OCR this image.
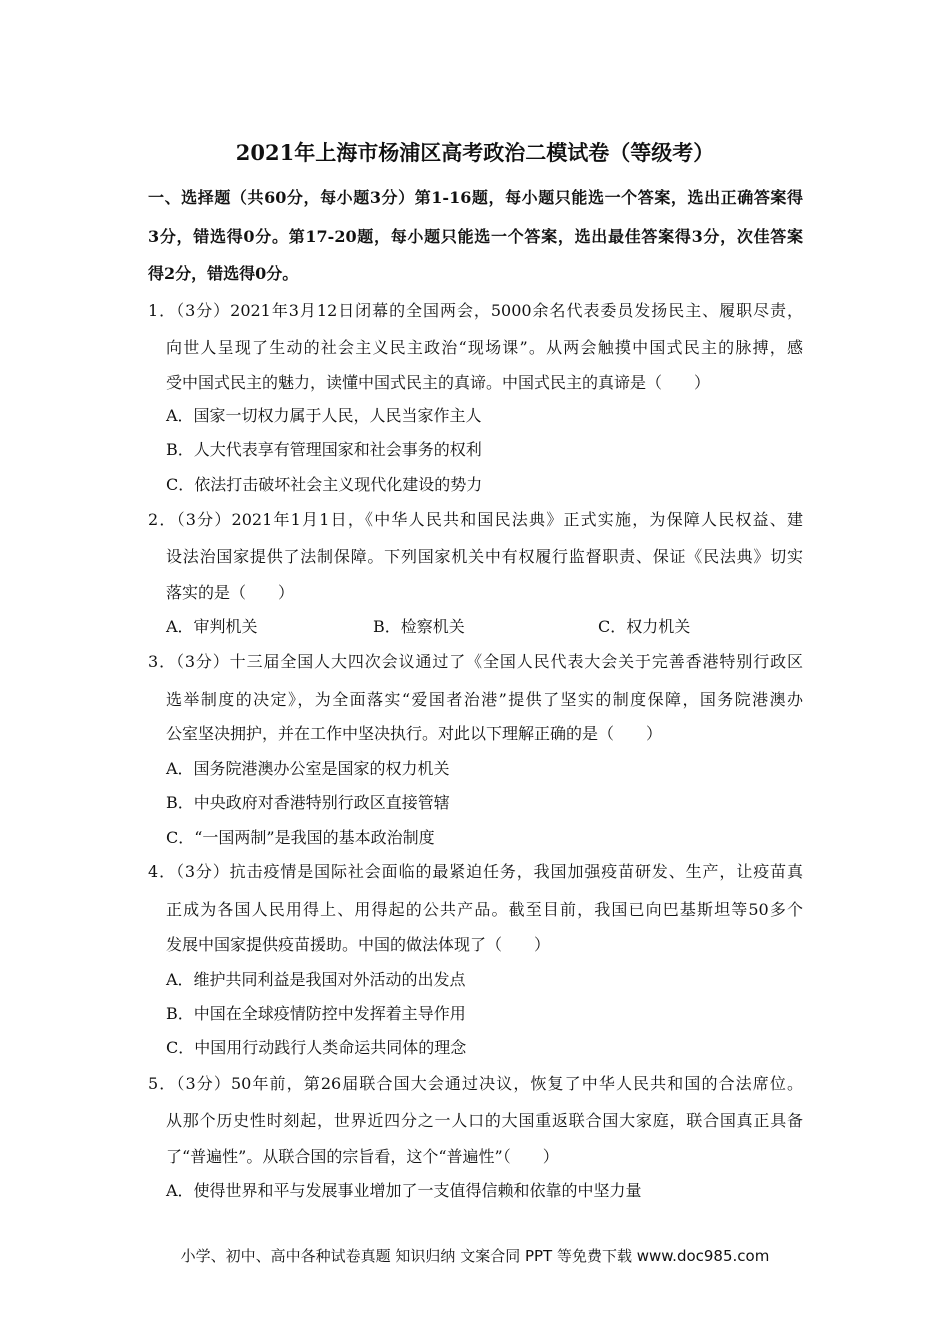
2021年上海市杨浦区高考政治二模试卷（等级考）
一、选择题（共60分，每小题3分）第1-16题，每小题只能选一个答案，选出正确答案得
3分，错选得0分。第17-20题，每小题只能选一个答案，选出最佳答案得3分，次佳答案
得2分，错选得0分。
1．（3分）2021年3月12日闭幕的全国两会，5000余名代表委员发扬民主、履职尽责，
向世人呈现了生动的社会主义民主政治“现场课”。从两会触摸中国式民主的脉搏，感
受中国式民主的魅力，读懂中国式民主的真谛。中国式民主的真谛是（　　）
A．国家一切权力属于人民，人民当家作主人
B．人大代表享有管理国家和社会事务的权利
C．依法打击破坏社会主义现代化建设的势力
2．（3分）2021年1月1日，《中华人民共和国民法典》正式实施，为保障人民权益、建
设法治国家提供了法制保障。下列国家机关中有权履行监督职责、保证《民法典》切实
落实的是（　　）
A．审判机关	B．检察机关	C．权力机关
3．（3分）十三届全国人大四次会议通过了《全国人民代表大会关于完善香港特别行政区
选举制度的决定》，为全面落实“爱国者治港”提供了坚实的制度保障，国务院港澳办
公室坚决拥护，并在工作中坚决执行。对此以下理解正确的是（　　）
A．国务院港澳办公室是国家的权力机关
B．中央政府对香港特别行政区直接管辖
C．“一国两制”是我国的基本政治制度
4．（3分）抗击疫情是国际社会面临的最紧迫任务，我国加强疫苗研发、生产，让疫苗真
正成为各国人民用得上、用得起的公共产品。截至目前，我国已向巴基斯坦等50多个
发展中国家提供疫苗援助。中国的做法体现了（　　）
A．维护共同利益是我国对外活动的出发点
B．中国在全球疫情防控中发挥着主导作用
C．中国用行动践行人类命运共同体的理念
5．（3分）50年前，第26届联合国大会通过决议，恢复了中华人民共和国的合法席位。
从那个历史性时刻起，世界近四分之一人口的大国重返联合国大家庭，联合国真正具备
了“普遍性”。从联合国的宗旨看，这个“普遍性”（　　）
A．使得世界和平与发展事业增加了一支值得信赖和依靠的中坚力量
小学、初中、高中各种试卷真题 知识归纳 文案合同 PPT 等免费下载 www.doc985.com
